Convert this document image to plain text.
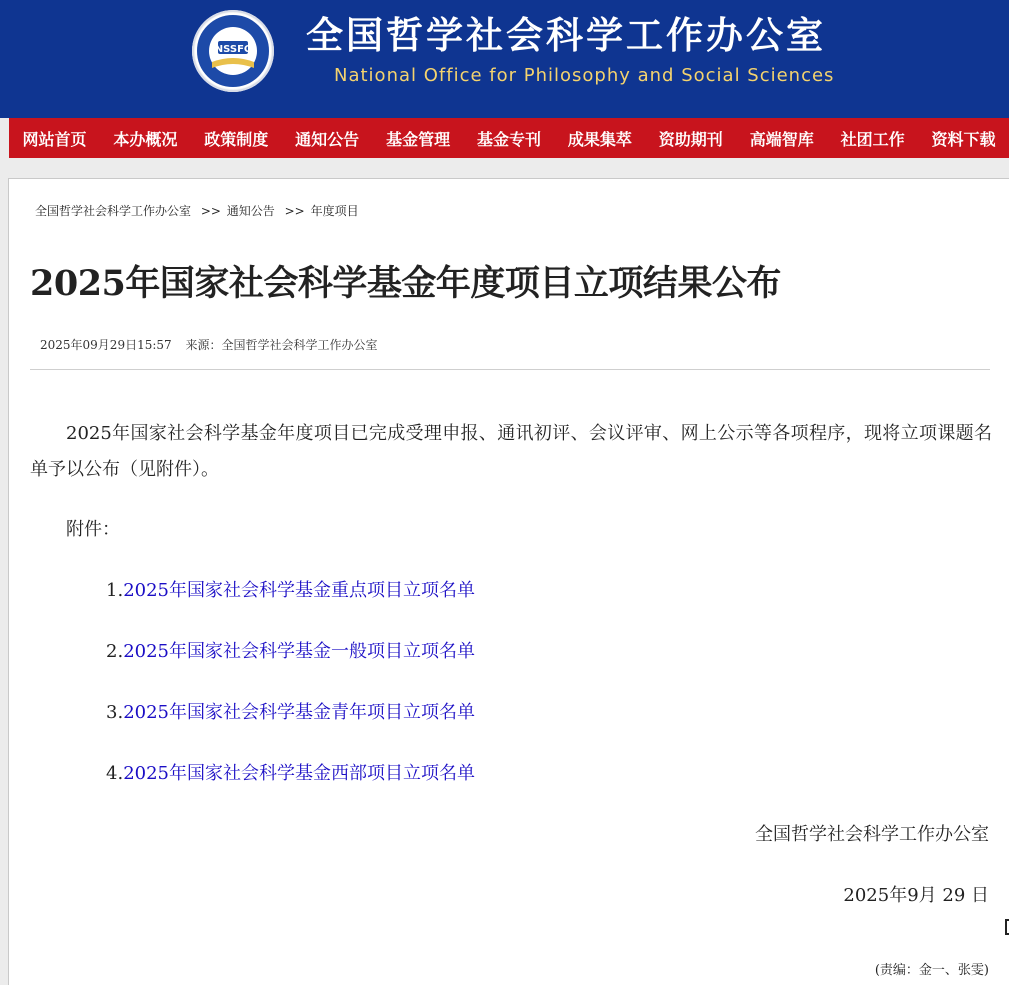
NSSFC 全国哲学社会科学工作办公室
National Office for Philosophy and Social Sciences
网站首页 本办概况 政策制度 通知公告 基金管理 基金专刊 成果集萃 资助期刊 高端智库 社团工作 资料下载
全国哲学社会科学工作办公室 >> 通知公告 >> 年度项目
2025年国家社会科学基金年度项目立项结果公布
2025年09月29日15:57 来源：全国哲学社会科学工作办公室
2025年国家社会科学基金年度项目已完成受理申报、通讯初评、会议评审、网上公示等各项程序，现将立项课题名单予以公布（见附件）。
附件：
1.2025年国家社会科学基金重点项目立项名单
2.2025年国家社会科学基金一般项目立项名单
3.2025年国家社会科学基金青年项目立项名单
4.2025年国家社会科学基金西部项目立项名单
全国哲学社会科学工作办公室
2025年9月 29 日
(责编：金一、张雯)
